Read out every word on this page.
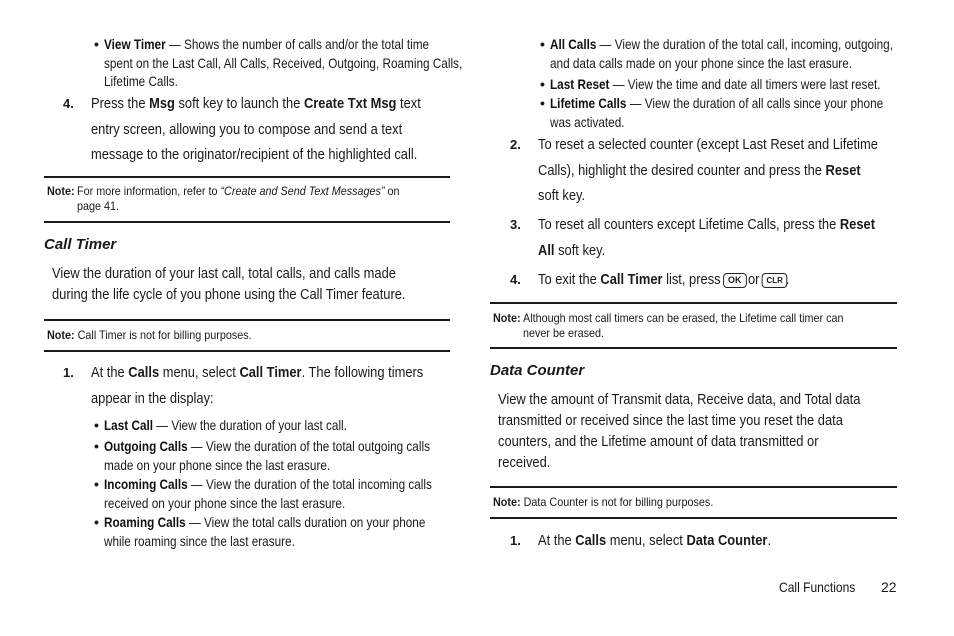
• View Timer — Shows the number of calls and/or the total time
spent on the Last Call, All Calls, Received, Outgoing, Roaming Calls,
Lifetime Calls.
4. Press the Msg soft key to launch the Create Txt Msg text
entry screen, allowing you to compose and send a text
message to the originator/recipient of the highlighted call.
Note: For more information, refer to “Create and Send Text Messages” on
page 41.
Call Timer
View the duration of your last call, total calls, and calls made
during the life cycle of you phone using the Call Timer feature.
Note: Call Timer is not for billing purposes.
1. At the Calls menu, select Call Timer. The following timers
appear in the display:
• Last Call — View the duration of your last call.
• Outgoing Calls — View the duration of the total outgoing calls
made on your phone since the last erasure.
• Incoming Calls — View the duration of the total incoming calls
received on your phone since the last erasure.
• Roaming Calls — View the total calls duration on your phone
while roaming since the last erasure.
• All Calls — View the duration of the total call, incoming, outgoing,
and data calls made on your phone since the last erasure.
• Last Reset — View the time and date all timers were last reset.
• Lifetime Calls — View the duration of all calls since your phone
was activated.
2. To reset a selected counter (except Last Reset and Lifetime
Calls), highlight the desired counter and press the Reset
soft key.
3. To reset all counters except Lifetime Calls, press the Reset
All soft key.
4. To exit the Call Timer list, press OK or CLR .
Note: Although most call timers can be erased, the Lifetime call timer can
never be erased.
Data Counter
View the amount of Transmit data, Receive data, and Total data
transmitted or received since the last time you reset the data
counters, and the Lifetime amount of data transmitted or
received.
Note: Data Counter is not for billing purposes.
1. At the Calls menu, select Data Counter.
Call Functions	22
